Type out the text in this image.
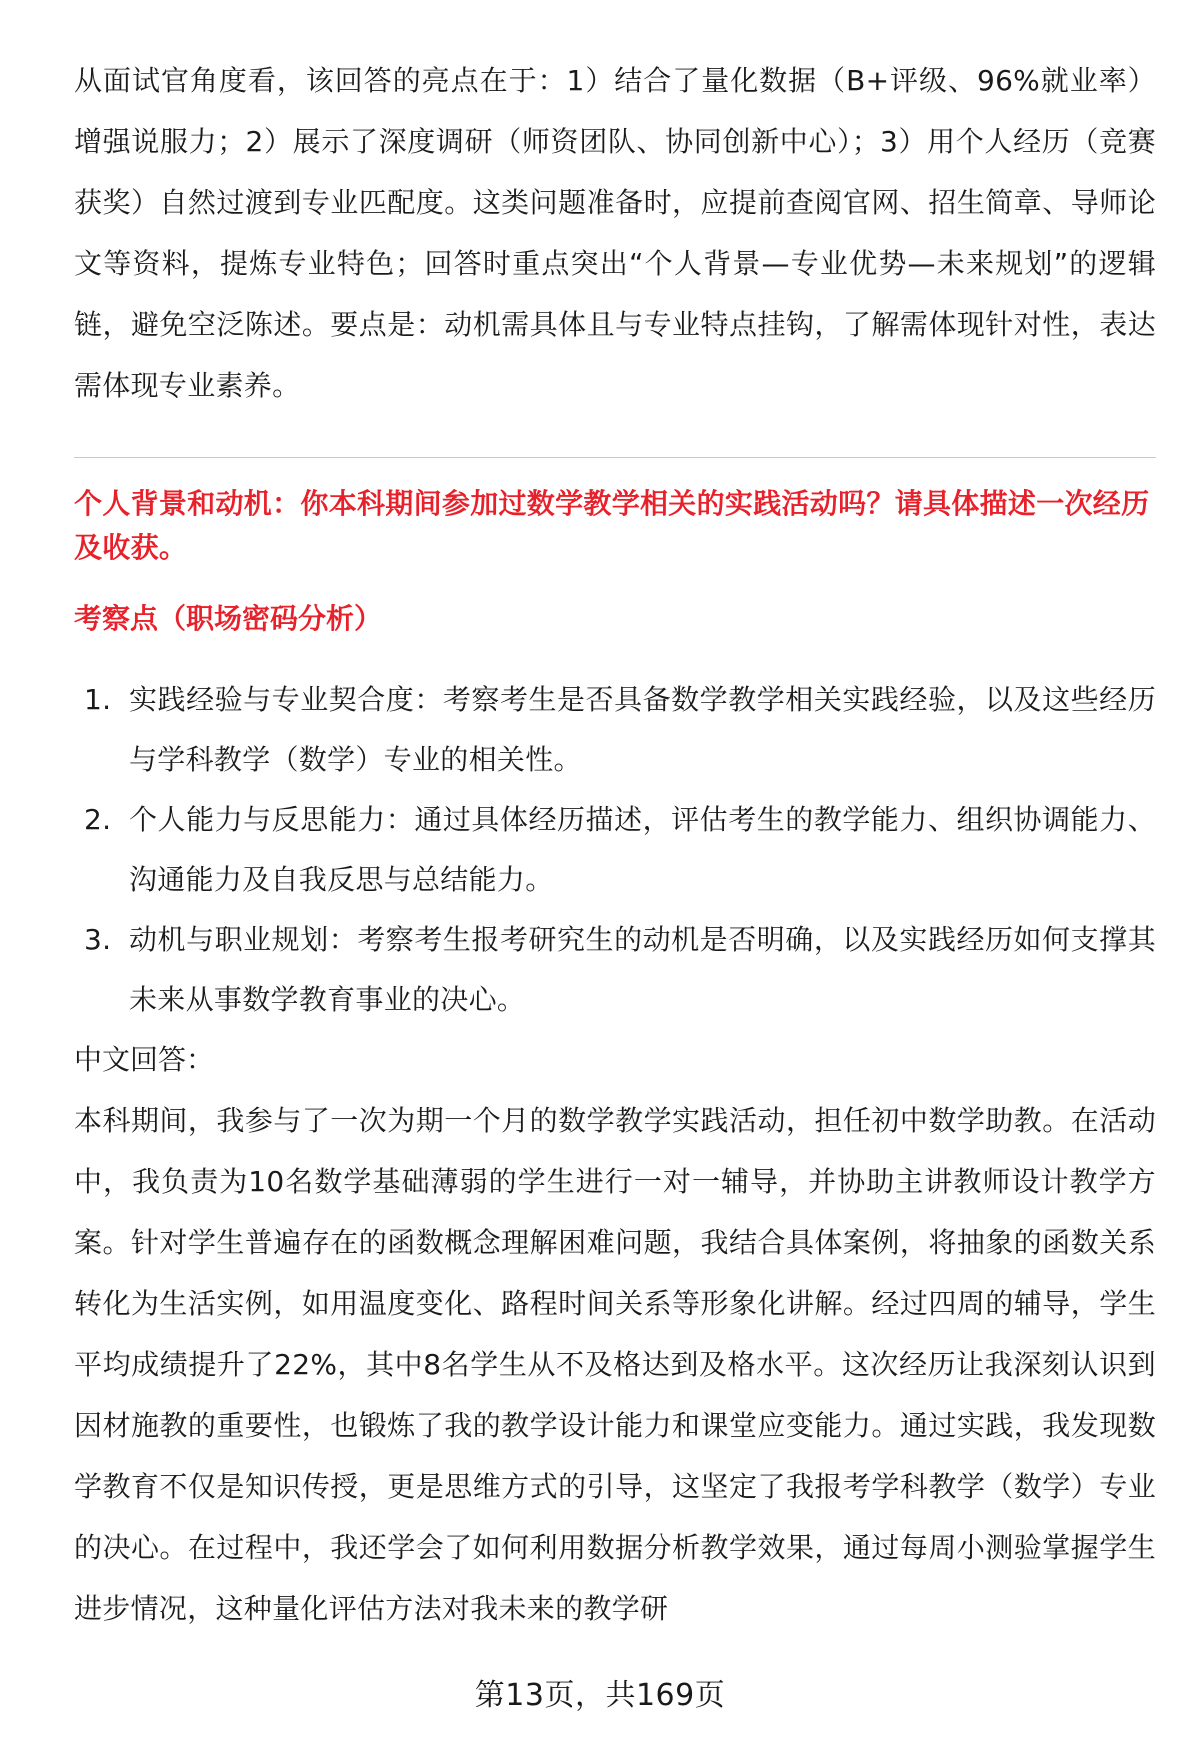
从面试官角度看，该回答的亮点在于：1）结合了量化数据（B+评级、96%就业率）增强说服力；2）展示了深度调研（师资团队、协同创新中心）；3）用个人经历（竞赛获奖）自然过渡到专业匹配度。这类问题准备时，应提前查阅官网、招生简章、导师论文等资料，提炼专业特色；回答时重点突出“个人背景—专业优势—未来规划”的逻辑链，避免空泛陈述。要点是：动机需具体且与专业特点挂钩，了解需体现针对性，表达需体现专业素养。

个人背景和动机：你本科期间参加过数学教学相关的实践活动吗？请具体描述一次经历及收获。

考察点（职场密码分析）

1. 实践经验与专业契合度：考察考生是否具备数学教学相关实践经验，以及这些经历与学科教学（数学）专业的相关性。
2. 个人能力与反思能力：通过具体经历描述，评估考生的教学能力、组织协调能力、沟通能力及自我反思与总结能力。
3. 动机与职业规划：考察考生报考研究生的动机是否明确，以及实践经历如何支撑其未来从事数学教育事业的决心。

中文回答：

本科期间，我参与了一次为期一个月的数学教学实践活动，担任初中数学助教。在活动中，我负责为10名数学基础薄弱的学生进行一对一辅导，并协助主讲教师设计教学方案。针对学生普遍存在的函数概念理解困难问题，我结合具体案例，将抽象的函数关系转化为生活实例，如用温度变化、路程时间关系等形象化讲解。经过四周的辅导，学生平均成绩提升了22%，其中8名学生从不及格达到及格水平。这次经历让我深刻认识到因材施教的重要性，也锻炼了我的教学设计能力和课堂应变能力。通过实践，我发现数学教育不仅是知识传授，更是思维方式的引导，这坚定了我报考学科教学（数学）专业的决心。在过程中，我还学会了如何利用数据分析教学效果，通过每周小测验掌握学生进步情况，这种量化评估方法对我未来的教学研

第13页，共169页
